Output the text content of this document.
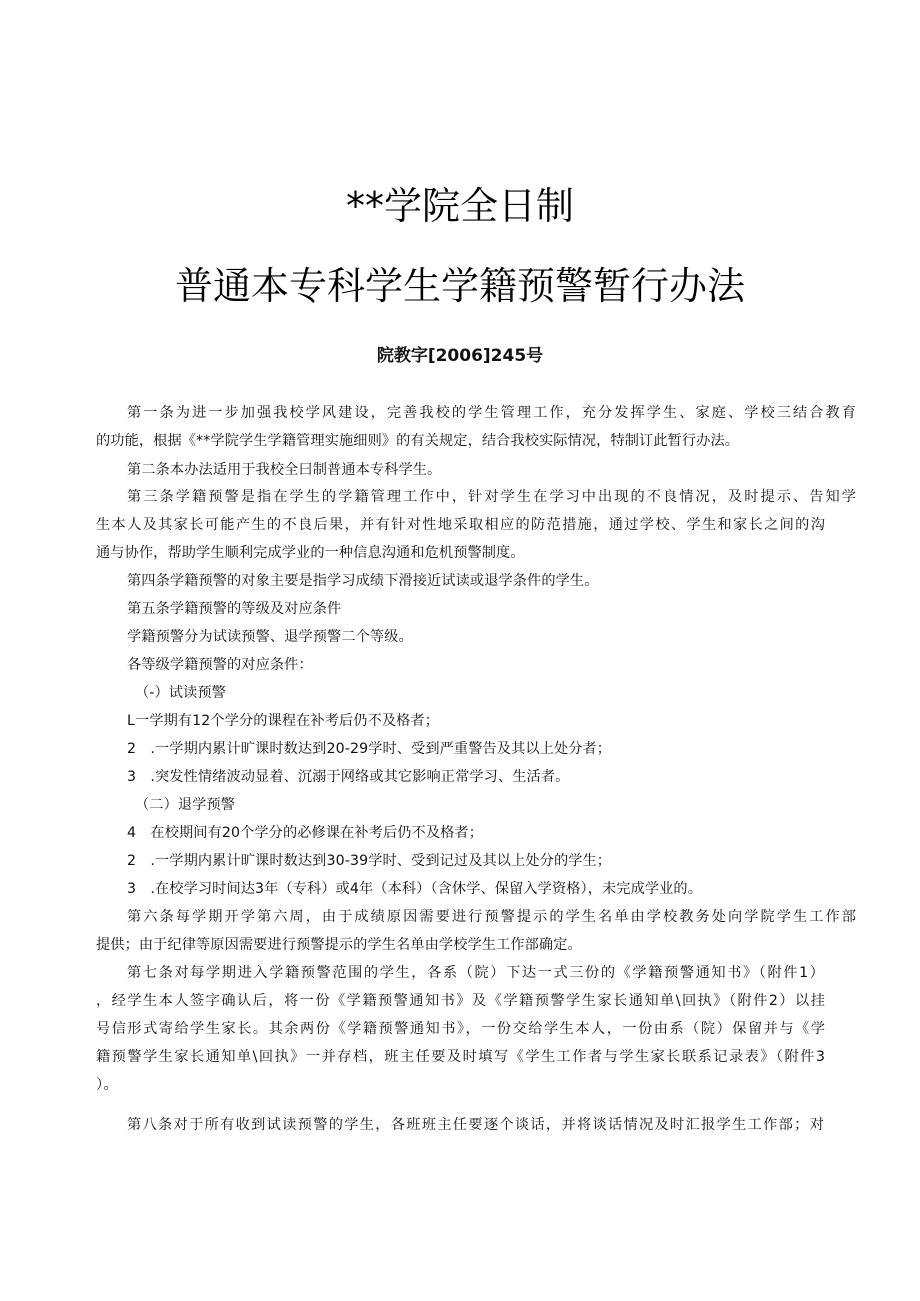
**学院全日制
普通本专科学生学籍预警暂行办法
院教字[2006]245号
第一条为进一步加强我校学风建设，完善我校的学生管理工作，充分发挥学生、家庭、学校三结合教育
的功能，根据《**学院学生学籍管理实施细则》的有关规定，结合我校实际情况，特制订此暂行办法。
第二条本办法适用于我校全曰制普通本专科学生。
第三条学籍预警是指在学生的学籍管理工作中，针对学生在学习中出现的不良情况，及时提示、告知学
生本人及其家长可能产生的不良后果，并有针对性地采取相应的防范措施，通过学校、学生和家长之间的沟
通与协作，帮助学生顺利完成学业的一种信息沟通和危机预警制度。
第四条学籍预警的对象主要是指学习成绩下滑接近试读或退学条件的学生。
第五条学籍预警的等级及对应条件
学籍预警分为试读预警、退学预警二个等级。
各等级学籍预警的对应条件：
（-）试读预警
L一学期有12个学分的课程在补考后仍不及格者；
2　.一学期内累计旷课时数达到20-29学时、受到严重警告及其以上处分者；
3　.突发性情绪波动显着、沉溺于网络或其它影响正常学习、生活者。
（二）退学预警
4　在校期间有20个学分的必修课在补考后仍不及格者；
2　.一学期内累计旷课时数达到30-39学时、受到记过及其以上处分的学生；
3　.在校学习时间达3年（专科）或4年（本科）（含休学、保留入学资格），未完成学业的。
第六条每学期开学第六周，由于成绩原因需要进行预警提示的学生名单由学校教务处向学院学生工作部
提供；由于纪律等原因需要进行预警提示的学生名单由学校学生工作部确定。
第七条对每学期进入学籍预警范围的学生，各系（院）下达一式三份的《学籍预警通知书》（附件1）
，经学生本人签字确认后，将一份《学籍预警通知书》及《学籍预警学生家长通知单\回执》（附件2）以挂
号信形式寄给学生家长。其余两份《学籍预警通知书》，一份交给学生本人，一份由系（院）保留并与《学
籍预警学生家长通知单\回执》一并存档，班主任要及时填写《学生工作者与学生家长联系记录表》（附件3
）。
第八条对于所有收到试读预警的学生，各班班主任要逐个谈话，并将谈话情况及时汇报学生工作部；对
